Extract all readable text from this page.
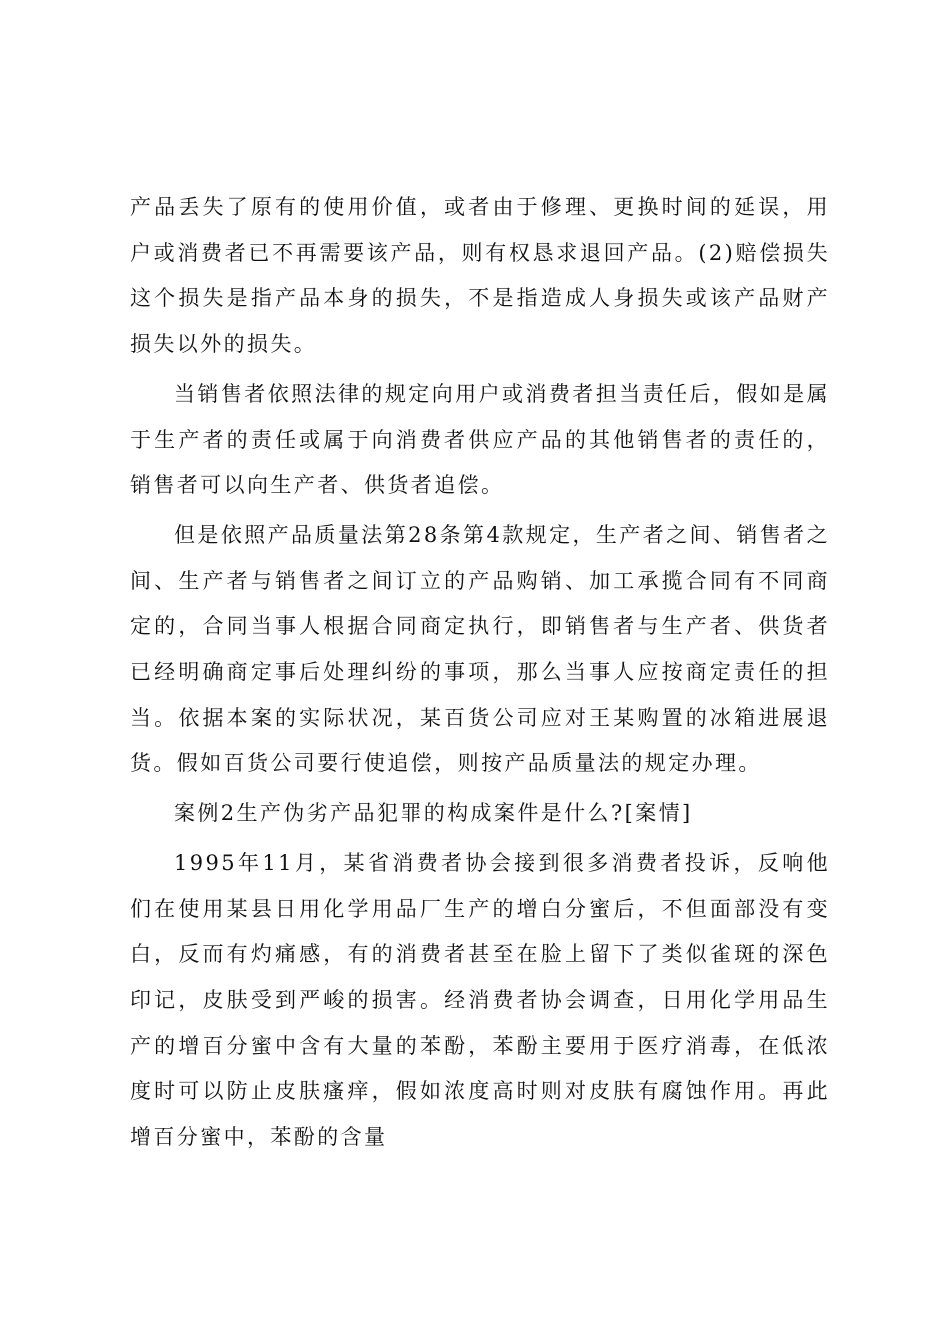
产品丢失了原有的使用价值，或者由于修理、更换时间的延误，用户或消费者已不再需要该产品，则有权恳求退回产品。(2)赔偿损失这个损失是指产品本身的损失，不是指造成人身损失或该产品财产损失以外的损失。

当销售者依照法律的规定向用户或消费者担当责任后，假如是属于生产者的责任或属于向消费者供应产品的其他销售者的责任的，销售者可以向生产者、供货者追偿。

但是依照产品质量法第28条第4款规定，生产者之间、销售者之间、生产者与销售者之间订立的产品购销、加工承揽合同有不同商定的，合同当事人根据合同商定执行，即销售者与生产者、供货者已经明确商定事后处理纠纷的事项，那么当事人应按商定责任的担当。依据本案的实际状况，某百货公司应对王某购置的冰箱进展退货。假如百货公司要行使追偿，则按产品质量法的规定办理。

案例2生产伪劣产品犯罪的构成案件是什么?[案情]

1995年11月，某省消费者协会接到很多消费者投诉，反响他们在使用某县日用化学用品厂生产的增白分蜜后，不但面部没有变白，反而有灼痛感，有的消费者甚至在脸上留下了类似雀斑的深色印记，皮肤受到严峻的损害。经消费者协会调查，日用化学用品生产的增百分蜜中含有大量的苯酚，苯酚主要用于医疗消毒，在低浓度时可以防止皮肤瘙痒，假如浓度高时则对皮肤有腐蚀作用。再此增百分蜜中，苯酚的含量
